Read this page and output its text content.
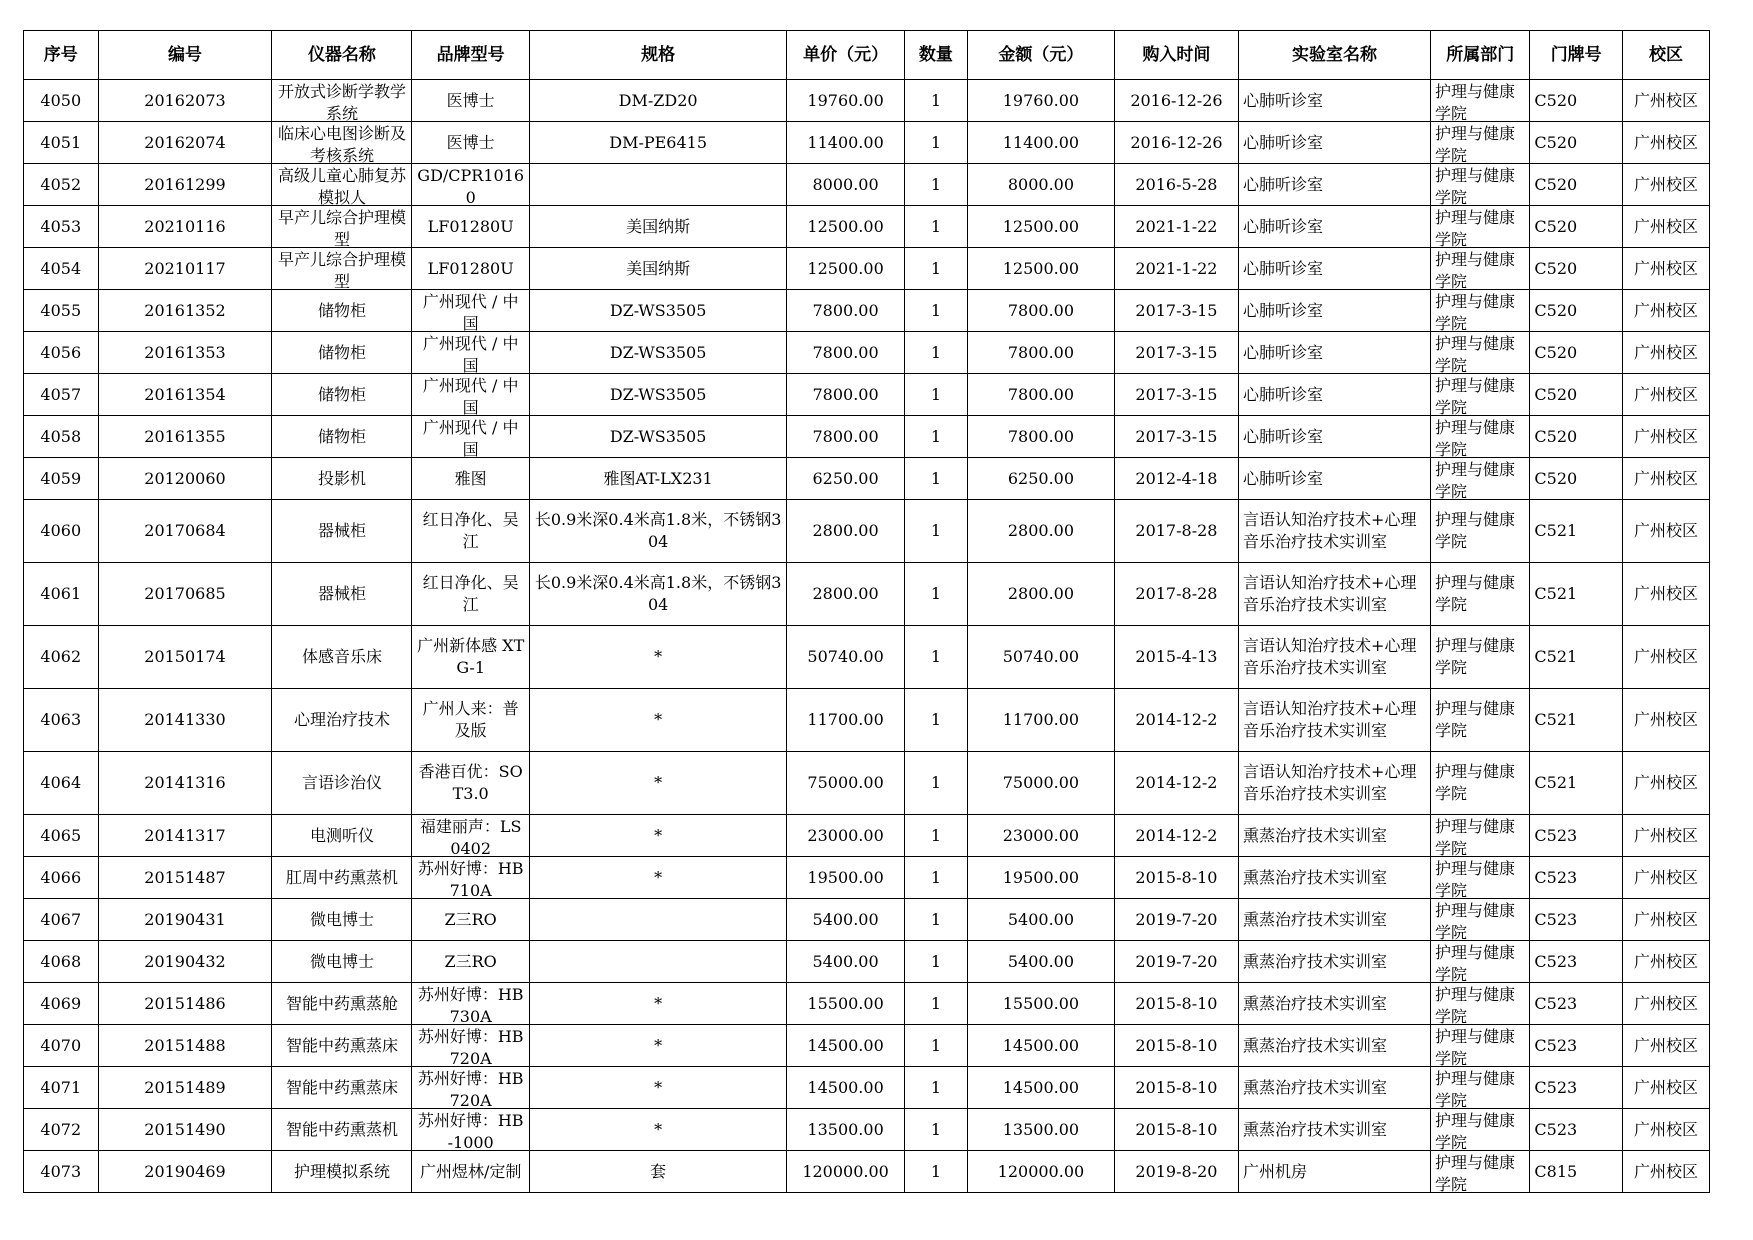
序号	编号	仪器名称	品牌型号	规格	单价（元）	数量	金额（元）	购入时间	实验室名称	所属部门	门牌号	校区

4050	20162073	开放式诊断学教学系统	医博士	DM-ZD20	19760.00	1	19760.00	2016-12-26	心肺听诊室	护理与健康学院	C520	广州校区

4051	20162074	临床心电图诊断及考核系统	医博士	DM-PE6415	11400.00	1	11400.00	2016-12-26	心肺听诊室	护理与健康学院	C520	广州校区

4052	20161299	高级儿童心肺复苏模拟人	GD/CPR10160		8000.00	1	8000.00	2016-5-28	心肺听诊室	护理与健康学院	C520	广州校区

4053	20210116	早产儿综合护理模型	LF01280U	美国纳斯	12500.00	1	12500.00	2021-1-22	心肺听诊室	护理与健康学院	C520	广州校区

4054	20210117	早产儿综合护理模型	LF01280U	美国纳斯	12500.00	1	12500.00	2021-1-22	心肺听诊室	护理与健康学院	C520	广州校区

4055	20161352	储物柜	广州现代 / 中国	DZ-WS3505	7800.00	1	7800.00	2017-3-15	心肺听诊室	护理与健康学院	C520	广州校区

4056	20161353	储物柜	广州现代 / 中国	DZ-WS3505	7800.00	1	7800.00	2017-3-15	心肺听诊室	护理与健康学院	C520	广州校区

4057	20161354	储物柜	广州现代 / 中国	DZ-WS3505	7800.00	1	7800.00	2017-3-15	心肺听诊室	护理与健康学院	C520	广州校区

4058	20161355	储物柜	广州现代 / 中国	DZ-WS3505	7800.00	1	7800.00	2017-3-15	心肺听诊室	护理与健康学院	C520	广州校区

4059	20120060	投影机	雅图	雅图AT-LX231	6250.00	1	6250.00	2012-4-18	心肺听诊室	护理与健康学院	C520	广州校区

4060	20170684	器械柜	红日净化、吴江	长0.9米深0.4米高1.8米，不锈钢304	2800.00	1	2800.00	2017-8-28	言语认知治疗技术+心理音乐治疗技术实训室	护理与健康学院	C521	广州校区

4061	20170685	器械柜	红日净化、吴江	长0.9米深0.4米高1.8米，不锈钢304	2800.00	1	2800.00	2017-8-28	言语认知治疗技术+心理音乐治疗技术实训室	护理与健康学院	C521	广州校区

4062	20150174	体感音乐床	广州新体感 XTG-1	*	50740.00	1	50740.00	2015-4-13	言语认知治疗技术+心理音乐治疗技术实训室	护理与健康学院	C521	广州校区

4063	20141330	心理治疗技术	广州人来：普及版	*	11700.00	1	11700.00	2014-12-2	言语认知治疗技术+心理音乐治疗技术实训室	护理与健康学院	C521	广州校区

4064	20141316	言语诊治仪	香港百优：SOT3.0	*	75000.00	1	75000.00	2014-12-2	言语认知治疗技术+心理音乐治疗技术实训室	护理与健康学院	C521	广州校区

4065	20141317	电测听仪	福建丽声：LS0402	*	23000.00	1	23000.00	2014-12-2	熏蒸治疗技术实训室	护理与健康学院	C523	广州校区

4066	20151487	肛周中药熏蒸机	苏州好博：HB710A	*	19500.00	1	19500.00	2015-8-10	熏蒸治疗技术实训室	护理与健康学院	C523	广州校区

4067	20190431	微电博士	Z三RO		5400.00	1	5400.00	2019-7-20	熏蒸治疗技术实训室	护理与健康学院	C523	广州校区

4068	20190432	微电博士	Z三RO		5400.00	1	5400.00	2019-7-20	熏蒸治疗技术实训室	护理与健康学院	C523	广州校区

4069	20151486	智能中药熏蒸舱	苏州好博：HB730A	*	15500.00	1	15500.00	2015-8-10	熏蒸治疗技术实训室	护理与健康学院	C523	广州校区

4070	20151488	智能中药熏蒸床	苏州好博：HB720A	*	14500.00	1	14500.00	2015-8-10	熏蒸治疗技术实训室	护理与健康学院	C523	广州校区

4071	20151489	智能中药熏蒸床	苏州好博：HB720A	*	14500.00	1	14500.00	2015-8-10	熏蒸治疗技术实训室	护理与健康学院	C523	广州校区

4072	20151490	智能中药熏蒸机	苏州好博：HB-1000	*	13500.00	1	13500.00	2015-8-10	熏蒸治疗技术实训室	护理与健康学院	C523	广州校区

4073	20190469	护理模拟系统	广州煜林/定制	套	120000.00	1	120000.00	2019-8-20	广州机房	护理与健康学院	C815	广州校区
